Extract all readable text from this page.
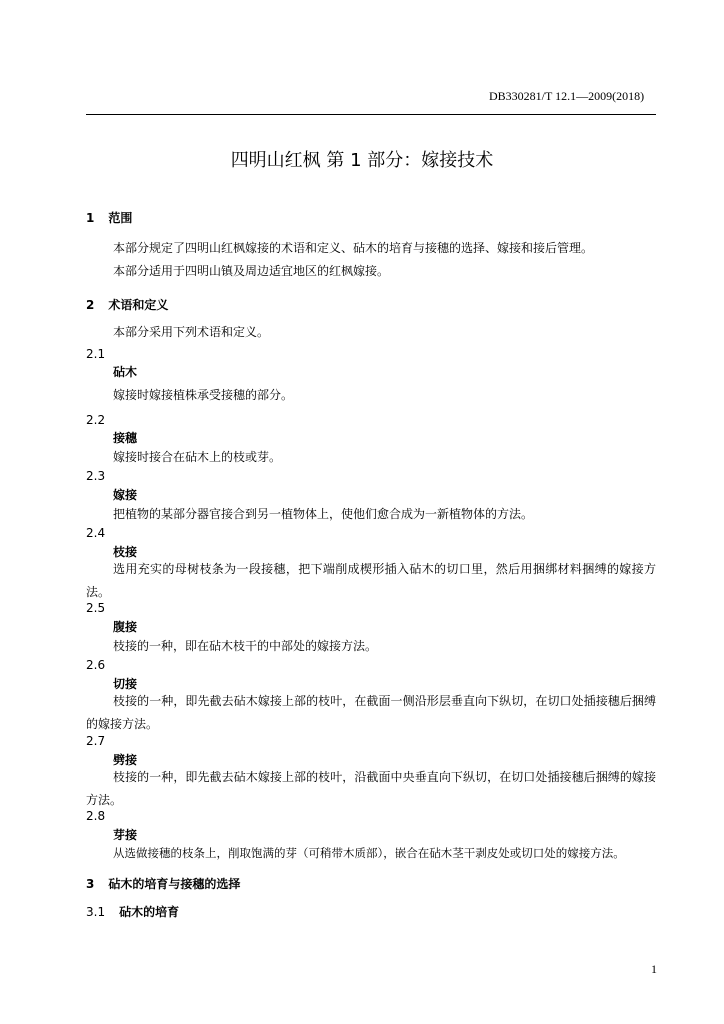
DB330281/T 12.1—2009(2018)
四明山红枫 第 1 部分：嫁接技术
1 范围
本部分规定了四明山红枫嫁接的术语和定义、砧木的培育与接穗的选择、嫁接和接后管理。
本部分适用于四明山镇及周边适宜地区的红枫嫁接。
2 术语和定义
本部分采用下列术语和定义。
2.1
砧木
嫁接时嫁接植株承受接穗的部分。
2.2
接穗
嫁接时接合在砧木上的枝或芽。
2.3
嫁接
把植物的某部分器官接合到另一植物体上，使他们愈合成为一新植物体的方法。
2.4
枝接
选用充实的母树枝条为一段接穗，把下端削成楔形插入砧木的切口里，然后用捆绑材料捆缚的嫁接方法。
2.5
腹接
枝接的一种，即在砧木枝干的中部处的嫁接方法。
2.6
切接
枝接的一种，即先截去砧木嫁接上部的枝叶，在截面一侧沿形层垂直向下纵切，在切口处插接穗后捆缚的嫁接方法。
2.7
劈接
枝接的一种，即先截去砧木嫁接上部的枝叶，沿截面中央垂直向下纵切，在切口处插接穗后捆缚的嫁接方法。
2.8
芽接
从选做接穗的枝条上，削取饱满的芽（可稍带木质部），嵌合在砧木茎干剥皮处或切口处的嫁接方法。
3 砧木的培育与接穗的选择
3.1 砧木的培育
1
